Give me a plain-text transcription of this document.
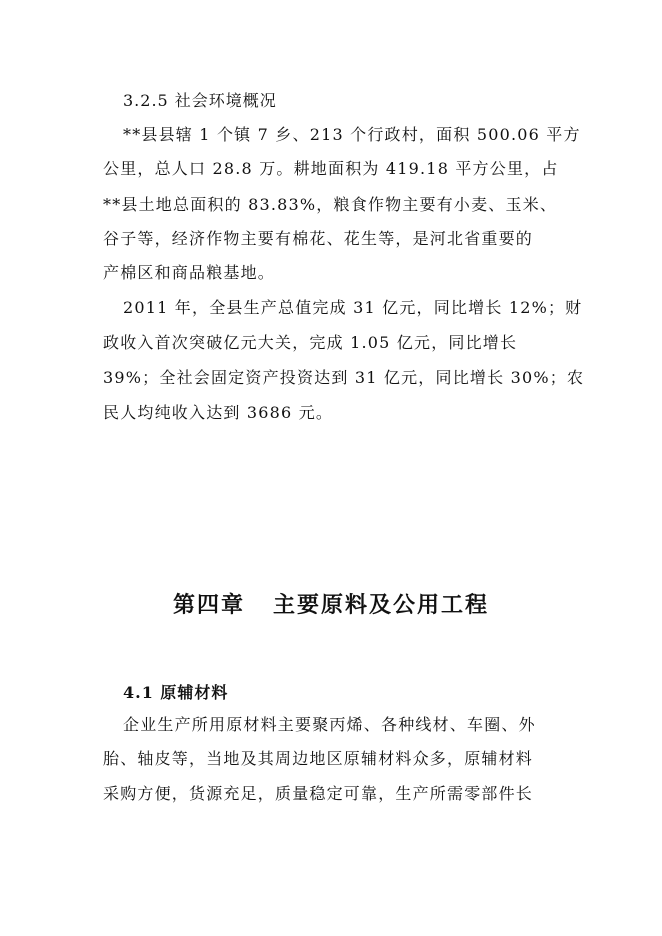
3.2.5 社会环境概况
**县县辖 1 个镇 7 乡、213 个行政村，面积 500.06 平方
公里，总人口 28.8 万。耕地面积为 419.18 平方公里，占
**县土地总面积的 83.83%，粮食作物主要有小麦、玉米、
谷子等，经济作物主要有棉花、花生等，是河北省重要的
产棉区和商品粮基地。
2011 年，全县生产总值完成 31 亿元，同比增长 12%；财
政收入首次突破亿元大关，完成 1.05 亿元，同比增长
39%；全社会固定资产投资达到 31 亿元，同比增长 30%；农
民人均纯收入达到 3686 元。
第四章 主要原料及公用工程
4.1 原辅材料
企业生产所用原材料主要聚丙烯、各种线材、车圈、外
胎、轴皮等，当地及其周边地区原辅材料众多，原辅材料
采购方便，货源充足，质量稳定可靠，生产所需零部件长
